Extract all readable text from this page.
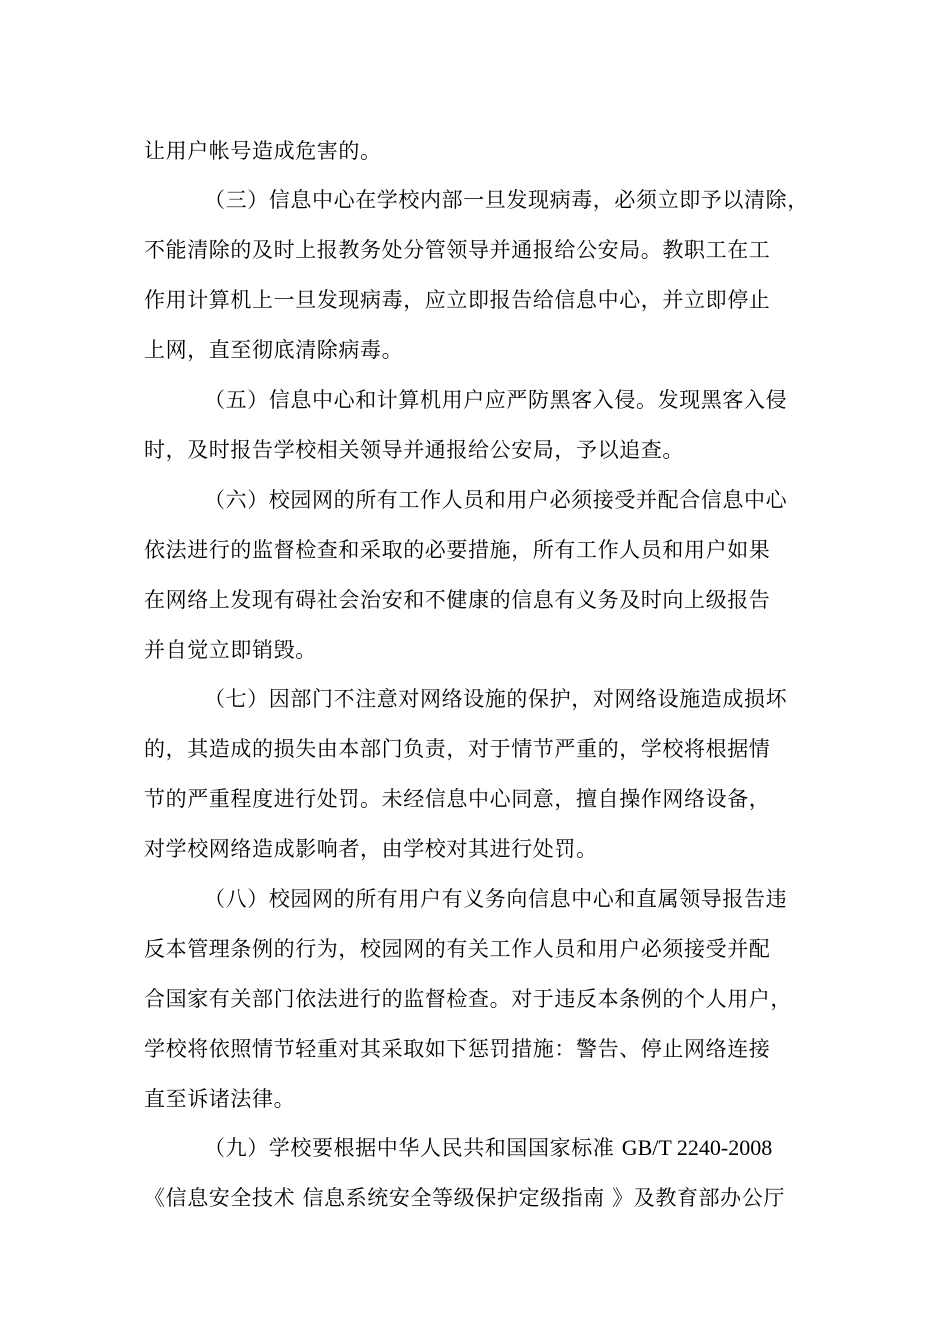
让用户帐号造成危害的。
（三）信息中心在学校内部一旦发现病毒，必须立即予以清除，
不能清除的及时上报教务处分管领导并通报给公安局。教职工在工
作用计算机上一旦发现病毒，应立即报告给信息中心，并立即停止
上网，直至彻底清除病毒。
（五）信息中心和计算机用户应严防黑客入侵。发现黑客入侵
时，及时报告学校相关领导并通报给公安局，予以追查。
（六）校园网的所有工作人员和用户必须接受并配合信息中心
依法进行的监督检查和采取的必要措施，所有工作人员和用户如果
在网络上发现有碍社会治安和不健康的信息有义务及时向上级报告
并自觉立即销毁。
（七）因部门不注意对网络设施的保护，对网络设施造成损坏
的，其造成的损失由本部门负责，对于情节严重的，学校将根据情
节的严重程度进行处罚。未经信息中心同意，擅自操作网络设备，
对学校网络造成影响者，由学校对其进行处罚。
（八）校园网的所有用户有义务向信息中心和直属领导报告违
反本管理条例的行为，校园网的有关工作人员和用户必须接受并配
合国家有关部门依法进行的监督检查。对于违反本条例的个人用户，
学校将依照情节轻重对其采取如下惩罚措施：警告、停止网络连接
直至诉诸法律。
（九）学校要根据中华人民共和国国家标准 GB/T 2240-2008
《信息安全技术 信息系统安全等级保护定级指南 》及教育部办公厅
